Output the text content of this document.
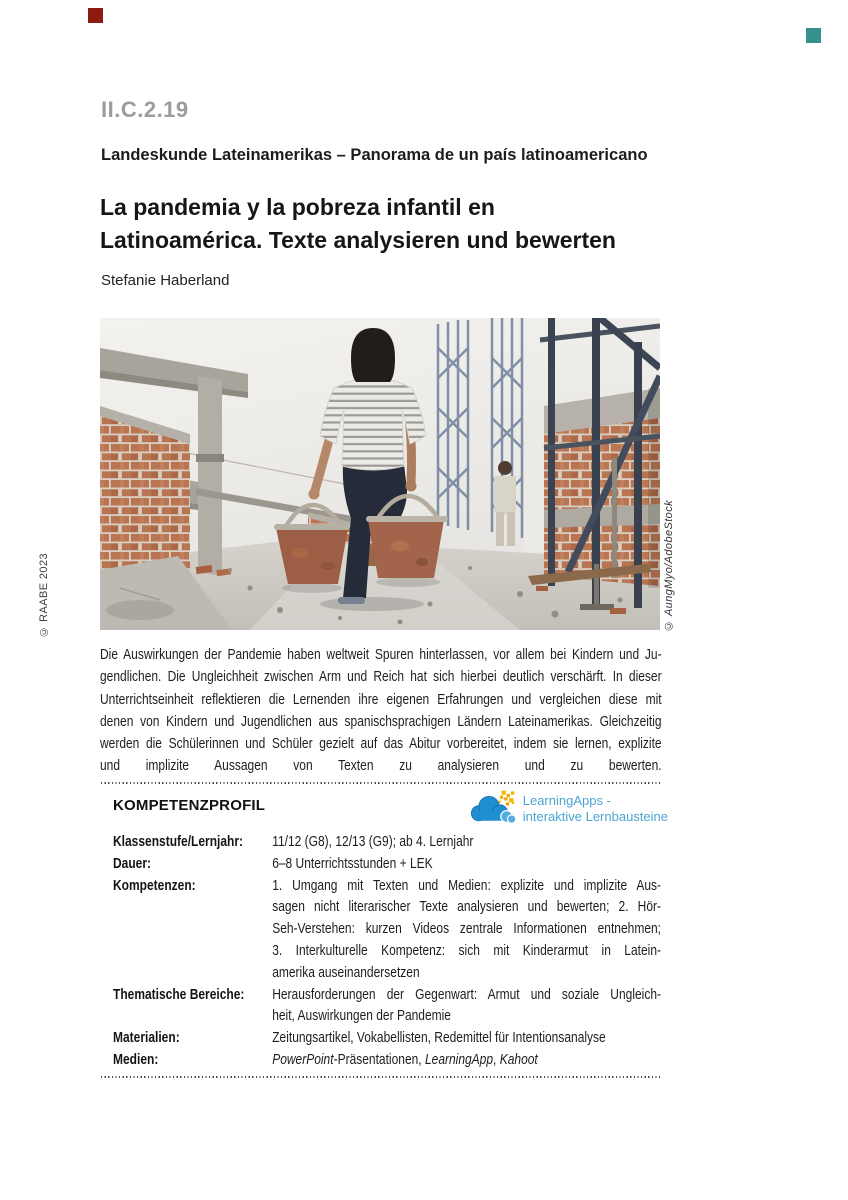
II.C.2.19
Landeskunde Lateinamerikas – Panorama de un país latinoamericano
La pandemia y la pobreza infantil en
Latinoamérica. Texte analysieren und bewerten
Stefanie Haberland
© RAABE 2023	© AungMyo/AdobeStock
Die Auswirkungen der Pandemie haben weltweit Spuren hinterlassen, vor allem bei Kindern und Ju-
gendlichen. Die Ungleichheit zwischen Arm und Reich hat sich hierbei deutlich verschärft. In dieser
Unterrichtseinheit reflektieren die Lernenden ihre eigenen Erfahrungen und vergleichen diese mit
denen von Kindern und Jugendlichen aus spanischsprachigen Ländern Lateinamerikas. Gleichzeitig
werden die Schülerinnen und Schüler gezielt auf das Abitur vorbereitet, indem sie lernen, explizite
und implizite Aussagen von Texten zu analysieren und zu bewerten.
KOMPETENZPROFIL	LearningApps -
interaktive Lernbausteine
Klassenstufe/Lernjahr:	11/12 (G8), 12/13 (G9); ab 4. Lernjahr
Dauer:	6–8 Unterrichtsstunden + LEK
Kompetenzen:	1. Umgang mit Texten und Medien: explizite und implizite Aus-
sagen nicht literarischer Texte analysieren und bewerten; 2. Hör-
Seh-Verstehen: kurzen Videos zentrale Informationen entnehmen;
3. Interkulturelle Kompetenz: sich mit Kinderarmut in Latein-
amerika auseinandersetzen
Thematische Bereiche:	Herausforderungen der Gegenwart: Armut und soziale Ungleich-
heit, Auswirkungen der Pandemie
Materialien:	Zeitungsartikel, Vokabellisten, Redemittel für Intentionsanalyse
Medien:	PowerPoint-Präsentationen, LearningApp, Kahoot
